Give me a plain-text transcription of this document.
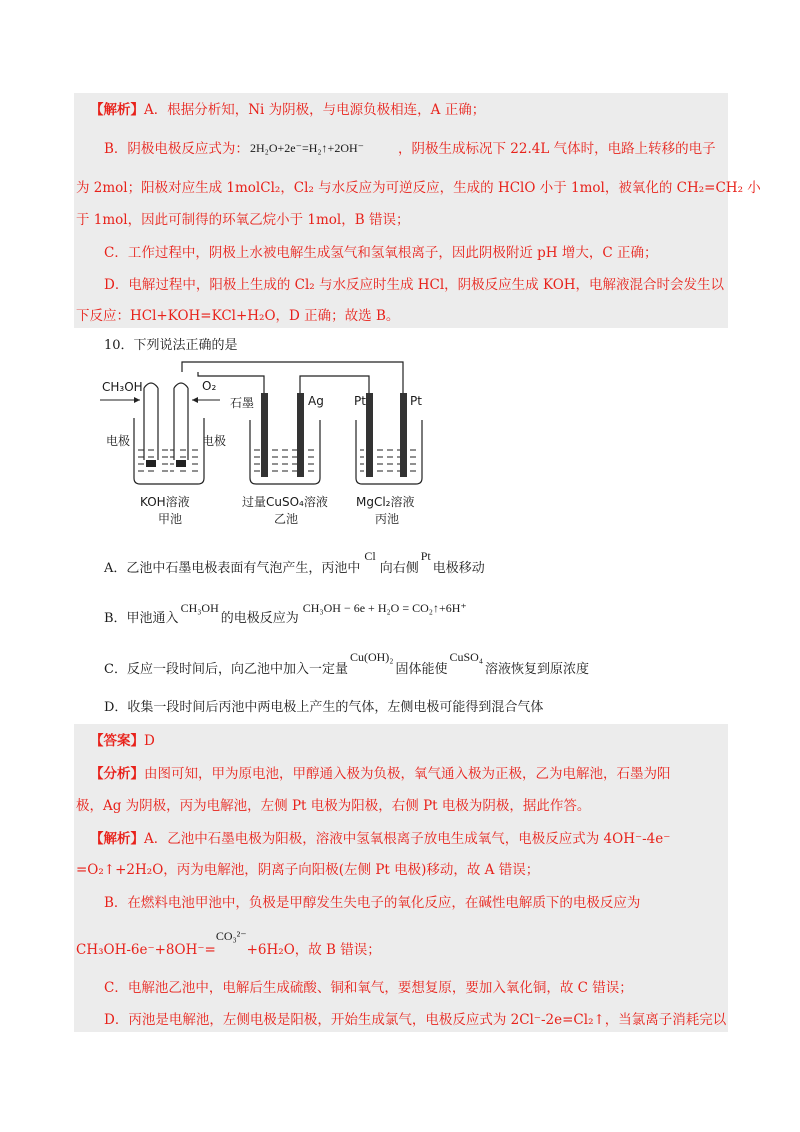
【解析】A．根据分析知，Ni 为阴极，与电源负极相连，A 正确；
B．阴极电极反应式为： 2H₂O+2e⁻=H₂↑+2OH⁻	，阴极生成标况下 22.4L 气体时，电路上转移的电子
为 2mol；阳极对应生成 1molCl₂，Cl₂ 与水反应为可逆反应，生成的 HClO 小于 1mol，被氧化的 CH₂=CH₂ 小
于 1mol，因此可制得的环氧乙烷小于 1mol，B 错误；
C．工作过程中，阴极上水被电解生成氢气和氢氧根离子，因此阴极附近 pH 增大，C 正确；
D．电解过程中，阳极上生成的 Cl₂ 与水反应时生成 HCl，阴极反应生成 KOH，电解液混合时会发生以
下反应：HCl+KOH=KCl+H₂O，D 正确；故选 B。
10．下列说法正确的是
CH₃OH	O₂
电极	电极
KOH溶液
甲池
石墨	Ag
过量CuSO₄溶液
乙池
Pt	Pt
MgCl₂溶液
丙池
A．乙池中石墨电极表面有气泡产生，丙池中Cl向右侧Pt电极移动
B．甲池通入CH₃OH的电极反应为CH₃OH − 6e + H₂O = CO₂↑+6H⁺
C．反应一段时间后，向乙池中加入一定量Cu(OH)₂固体能使CuSO₄溶液恢复到原浓度
D．收集一段时间后丙池中两电极上产生的气体，左侧电极可能得到混合气体
【答案】D
【分析】由图可知，甲为原电池，甲醇通入极为负极，氧气通入极为正极，乙为电解池，石墨为阳
极，Ag 为阴极，丙为电解池，左侧 Pt 电极为阳极，右侧 Pt 电极为阴极，据此作答。
【解析】A．乙池中石墨电极为阳极，溶液中氢氧根离子放电生成氧气，电极反应式为 4OH⁻-4e⁻
=O₂↑+2H₂O，丙为电解池，阴离子向阳极(左侧 Pt 电极)移动，故 A 错误；
B．在燃料电池甲池中，负极是甲醇发生失电子的氧化反应，在碱性电解质下的电极反应为
CH₃OH-6e⁻+8OH⁻=CO₃²⁻+6H₂O，故 B 错误；
C．电解池乙池中，电解后生成硫酸、铜和氧气，要想复原，要加入氧化铜，故 C 错误；
D．丙池是电解池，左侧电极是阳极，开始生成氯气，电极反应式为 2Cl⁻-2e=Cl₂↑，当氯离子消耗完以
